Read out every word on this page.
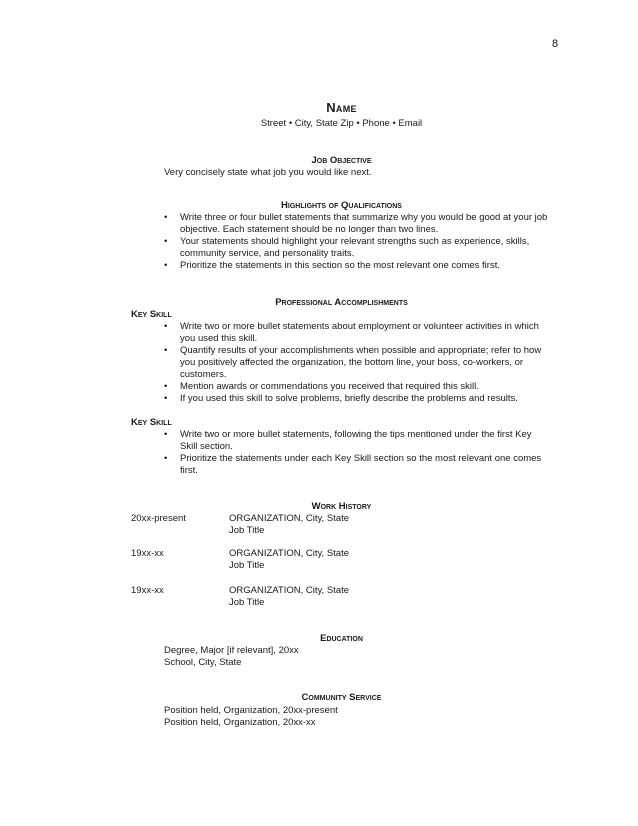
8
Name
Street • City, State Zip • Phone • Email
Job Objective
Very concisely state what job you would like next.
Highlights of Qualifications
• Write three or four bullet statements that summarize why you would be good at your job objective. Each statement should be no longer than two lines.
• Your statements should highlight your relevant strengths such as experience, skills, community service, and personality traits.
• Prioritize the statements in this section so the most relevant one comes first.
Professional Accomplishments
Key Skill
• Write two or more bullet statements about employment or volunteer activities in which you used this skill.
• Quantify results of your accomplishments when possible and appropriate; refer to how you positively affected the organization, the bottom line, your boss, co-workers, or customers.
• Mention awards or commendations you received that required this skill.
• If you used this skill to solve problems, briefly describe the problems and results.
Key Skill
• Write two or more bullet statements, following the tips mentioned under the first Key Skill section.
• Prioritize the statements under each Key Skill section so the most relevant one comes first.
Work History
20xx-present	ORGANIZATION, City, State
Job Title
19xx-xx	ORGANIZATION, City, State
Job Title
19xx-xx	ORGANIZATION, City, State
Job Title
Education
Degree, Major [if relevant], 20xx
School, City, State
Community Service
Position held, Organization, 20xx-present
Position held, Organization, 20xx-xx
